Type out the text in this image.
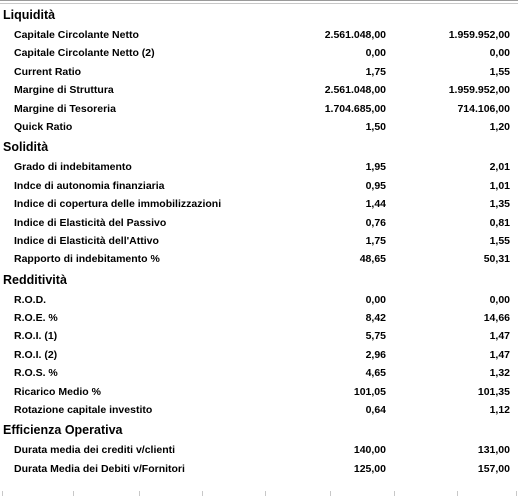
Liquidità
Capitale Circolante Netto	2.561.048,00	1.959.952,00
Capitale Circolante Netto (2)	0,00	0,00
Current Ratio	1,75	1,55
Margine di Struttura	2.561.048,00	1.959.952,00
Margine di Tesoreria	1.704.685,00	714.106,00
Quick Ratio	1,50	1,20
Solidità
Grado di indebitamento	1,95	2,01
Indce di autonomia finanziaria	0,95	1,01
Indice di copertura delle immobilizzazioni	1,44	1,35
Indice di Elasticità del Passivo	0,76	0,81
Indice di Elasticità dell'Attivo	1,75	1,55
Rapporto di indebitamento %	48,65	50,31
Redditività
R.O.D.	0,00	0,00
R.O.E. %	8,42	14,66
R.O.I. (1)	5,75	1,47
R.O.I. (2)	2,96	1,47
R.O.S. %	4,65	1,32
Ricarico Medio %	101,05	101,35
Rotazione capitale investito	0,64	1,12
Efficienza Operativa
Durata media dei crediti v/clienti	140,00	131,00
Durata Media dei Debiti v/Fornitori	125,00	157,00
